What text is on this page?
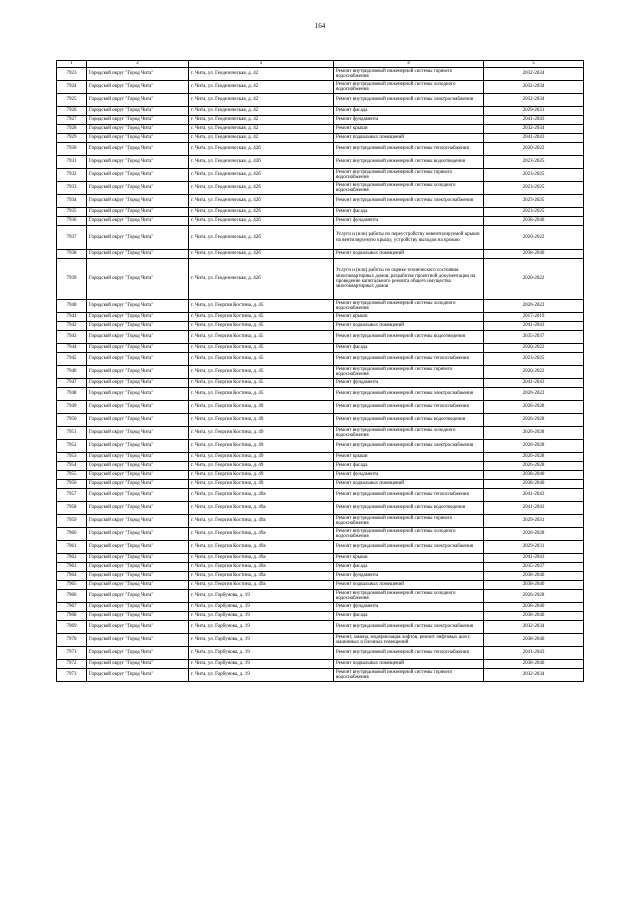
164
1	2	3	4	5
7923	Городской округ "Город Чита"	г. Чита, ул. Геодезическая, д. 42	Ремонт внутридомовой инженерной системы горячего водоснабжения	2032-2034
7924	Городской округ "Город Чита"	г. Чита, ул. Геодезическая, д. 42	Ремонт внутридомовой инженерной системы холодного водоснабжения	2032-2034
7925	Городской округ "Город Чита"	г. Чита, ул. Геодезическая, д. 42	Ремонт внутридомовой инженерной системы электроснабжения	2032-2034
7926	Городской округ "Город Чита"	г. Чита, ул. Геодезическая, д. 42	Ремонт фасада	2029-2031
7927	Городской округ "Город Чита"	г. Чита, ул. Геодезическая, д. 42	Ремонт фундамента	2041-2043
7928	Городской округ "Город Чита"	г. Чита, ул. Геодезическая, д. 42	Ремонт крыши	2032-2034
7929	Городской округ "Город Чита"	г. Чита, ул. Геодезическая, д. 42	Ремонт подвальных помещений	2041-2043
7930	Городской округ "Город Чита"	г. Чита, ул. Геодезическая, д. 42б	Ремонт внутридомовой инженерной системы теплоснабжения	2020-2022
7931	Городской округ "Город Чита"	г. Чита, ул. Геодезическая, д. 42б	Ремонт внутридомовой инженерной системы водоотведения	2023-2025
7932	Городской округ "Город Чита"	г. Чита, ул. Геодезическая, д. 42б	Ремонт внутридомовой инженерной системы горячего водоснабжения	2023-2025
7933	Городской округ "Город Чита"	г. Чита, ул. Геодезическая, д. 42б	Ремонт внутридомовой инженерной системы холодного водоснабжения	2023-2025
7934	Городской округ "Город Чита"	г. Чита, ул. Геодезическая, д. 42б	Ремонт внутридомовой инженерной системы электроснабжения	2023-2025
7935	Городской округ "Город Чита"	г. Чита, ул. Геодезическая, д. 42б	Ремонт фасада	2023-2025
7936	Городской округ "Город Чита"	г. Чита, ул. Геодезическая, д. 42б	Ремонт фундамента	2038-2040
7937	Городской округ "Город Чита"	г. Чита, ул. Геодезическая, д. 42б	Услуги и (или) работы по переустройству невентилируемой крыши на вентилируемую крышу, устройству выходов на кровлю	2020-2022
7938	Городской округ "Город Чита"	г. Чита, ул. Геодезическая, д. 42б	Ремонт подвальных помещений	2038-2040
7939	Городской округ "Город Чита"	г. Чита, ул. Геодезическая, д. 42б	Услуги и (или) работы по оценке технического состояния многоквартирных домов, разработке проектной документации на проведение капитального ремонта общего имущества многоквартирных домов	2020-2022
7940	Городской округ "Город Чита"	г. Чита, ул. Георгия Костина, д. 45	Ремонт внутридомовой инженерной системы холодного водоснабжения	2020-2022
7941	Городской округ "Город Чита"	г. Чита, ул. Георгия Костина, д. 45	Ремонт крыши	2017-2019
7942	Городской округ "Город Чита"	г. Чита, ул. Георгия Костина, д. 45	Ремонт подвальных помещений	2041-2043
7943	Городской округ "Город Чита"	г. Чита, ул. Георгия Костина, д. 45	Ремонт внутридомовой инженерной системы водоотведения	2035-2037
7944	Городской округ "Город Чита"	г. Чита, ул. Георгия Костина, д. 45	Ремонт фасада	2020-2022
7945	Городской округ "Город Чита"	г. Чита, ул. Георгия Костина, д. 45	Ремонт внутридомовой инженерной системы теплоснабжения	2023-2025
7946	Городской округ "Город Чита"	г. Чита, ул. Георгия Костина, д. 45	Ремонт внутридомовой инженерной системы горячего водоснабжения	2020-2022
7947	Городской округ "Город Чита"	г. Чита, ул. Георгия Костина, д. 45	Ремонт фундамента	2041-2043
7948	Городской округ "Город Чита"	г. Чита, ул. Георгия Костина, д. 45	Ремонт внутридомовой инженерной системы электроснабжения	2020-2022
7949	Городской округ "Город Чита"	г. Чита, ул. Георгия Костина, д. 49	Ремонт внутридомовой инженерной системы теплоснабжения	2026-2028
7950	Городской округ "Город Чита"	г. Чита, ул. Георгия Костина, д. 49	Ремонт внутридомовой инженерной системы водоотведения	2026-2028
7951	Городской округ "Город Чита"	г. Чита, ул. Георгия Костина, д. 49	Ремонт внутридомовой инженерной системы холодного водоснабжения	2026-2028
7952	Городской округ "Город Чита"	г. Чита, ул. Георгия Костина, д. 49	Ремонт внутридомовой инженерной системы электроснабжения	2026-2028
7953	Городской округ "Город Чита"	г. Чита, ул. Георгия Костина, д. 49	Ремонт крыши	2026-2028
7954	Городской округ "Город Чита"	г. Чита, ул. Георгия Костина, д. 49	Ремонт фасада	2026-2028
7955	Городской округ "Город Чита"	г. Чита, ул. Георгия Костина, д. 49	Ремонт фундамента	2038-2040
7956	Городской округ "Город Чита"	г. Чита, ул. Георгия Костина, д. 49	Ремонт подвальных помещений	2038-2040
7957	Городской округ "Город Чита"	г. Чита, ул. Георгия Костина, д. 49а	Ремонт внутридомовой инженерной системы теплоснабжения	2041-2043
7958	Городской округ "Город Чита"	г. Чита, ул. Георгия Костина, д. 49а	Ремонт внутридомовой инженерной системы водоотведения	2041-2043
7959	Городской округ "Город Чита"	г. Чита, ул. Георгия Костина, д. 49а	Ремонт внутридомовой инженерной системы горячего водоснабжения	2029-2031
7960	Городской округ "Город Чита"	г. Чита, ул. Георгия Костина, д. 49а	Ремонт внутридомовой инженерной системы холодного водоснабжения	2026-2028
7961	Городской округ "Город Чита"	г. Чита, ул. Георгия Костина, д. 49а	Ремонт внутридомовой инженерной системы электроснабжения	2029-2031
7962	Городской округ "Город Чита"	г. Чита, ул. Георгия Костина, д. 49а	Ремонт крыши	2041-2043
7963	Городской округ "Город Чита"	г. Чита, ул. Георгия Костина, д. 49а	Ремонт фасада	2035-2037
7964	Городской округ "Город Чита"	г. Чита, ул. Георгия Костина, д. 49а	Ремонт фундамента	2038-2040
7965	Городской округ "Город Чита"	г. Чита, ул. Георгия Костина, д. 49а	Ремонт подвальных помещений	2038-2040
7966	Городской округ "Город Чита"	г. Чита, ул. Горбунова, д. 19	Ремонт внутридомовой инженерной системы холодного водоснабжения	2026-2028
7967	Городской округ "Город Чита"	г. Чита, ул. Горбунова, д. 19	Ремонт фундамента	2038-2040
7968	Городской округ "Город Чита"	г. Чита, ул. Горбунова, д. 19	Ремонт фасада	2038-2040
7969	Городской округ "Город Чита"	г. Чита, ул. Горбунова, д. 19	Ремонт внутридомовой инженерной системы электроснабжения	2032-2034
7970	Городской округ "Город Чита"	г. Чита, ул. Горбунова, д. 19	Ремонт, замена, модернизация лифтов, ремонт лифтовых шахт, машинных и блочных помещений	2038-2040
7971	Городской округ "Город Чита"	г. Чита, ул. Горбунова, д. 19	Ремонт внутридомовой инженерной системы теплоснабжения	2041-2043
7972	Городской округ "Город Чита"	г. Чита, ул. Горбунова, д. 19	Ремонт подвальных помещений	2038-2040
7973	Городской округ "Город Чита"	г. Чита, ул. Горбунова, д. 19	Ремонт внутридомовой инженерной системы горячего водоснабжения	2032-2034
